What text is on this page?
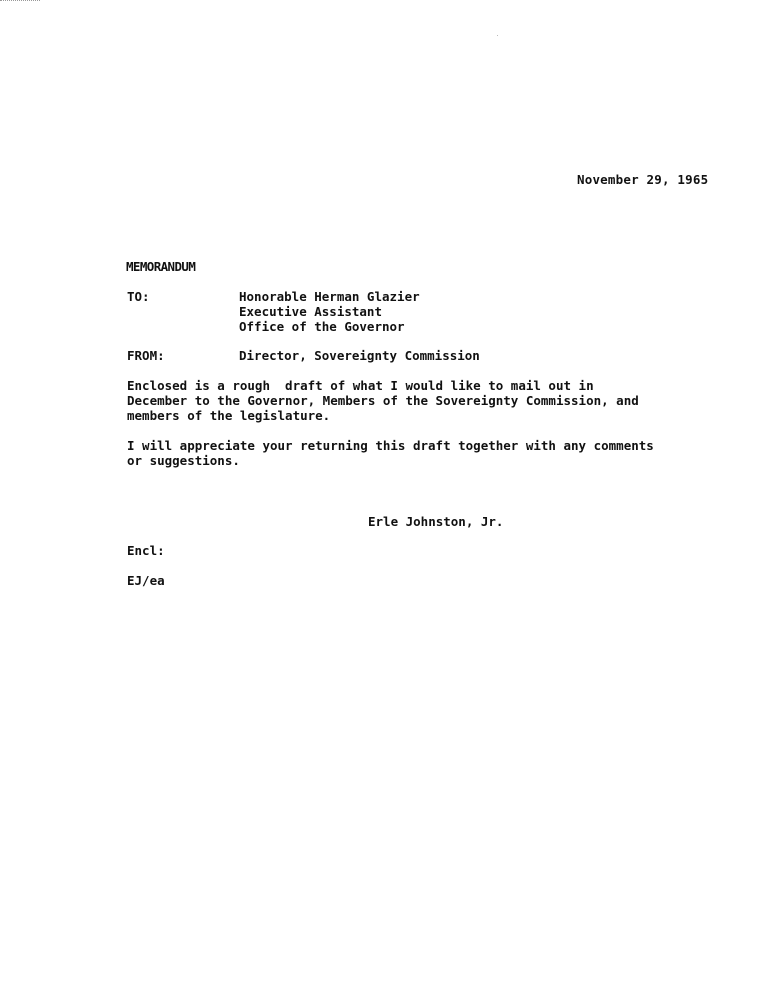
November 29, 1965
MEMORANDUM
TO:	Honorable Herman Glazier
Executive Assistant
Office of the Governor
FROM:	Director, Sovereignty Commission
Enclosed is a rough  draft of what I would like to mail out in
December to the Governor, Members of the Sovereignty Commission, and
members of the legislature.
I will appreciate your returning this draft together with any comments
or suggestions.
Erle Johnston, Jr.
Encl:
EJ/ea
